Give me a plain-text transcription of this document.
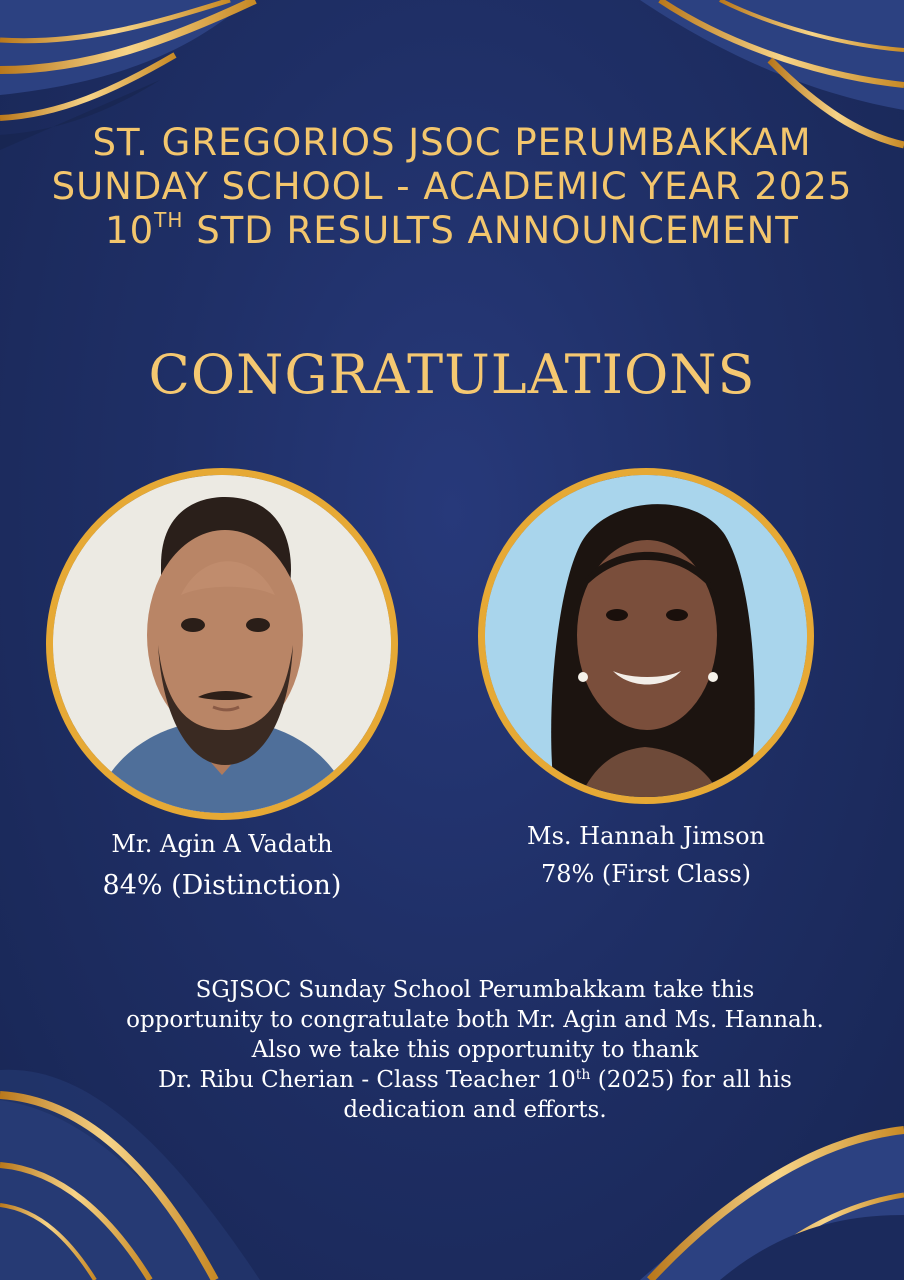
ST. GREGORIOS JSOC PERUMBAKKAM
SUNDAY SCHOOL - ACADEMIC YEAR 2025
10TH STD RESULTS ANNOUNCEMENT
CONGRATULATIONS
Mr. Agin A Vadath
84% (Distinction)
Ms. Hannah Jimson
78% (First Class)
SGJSOC Sunday School Perumbakkam take this
opportunity to congratulate both Mr. Agin and Ms. Hannah.
Also we take this opportunity to thank
Dr. Ribu Cherian - Class Teacher 10th (2025) for all his
dedication and efforts.
